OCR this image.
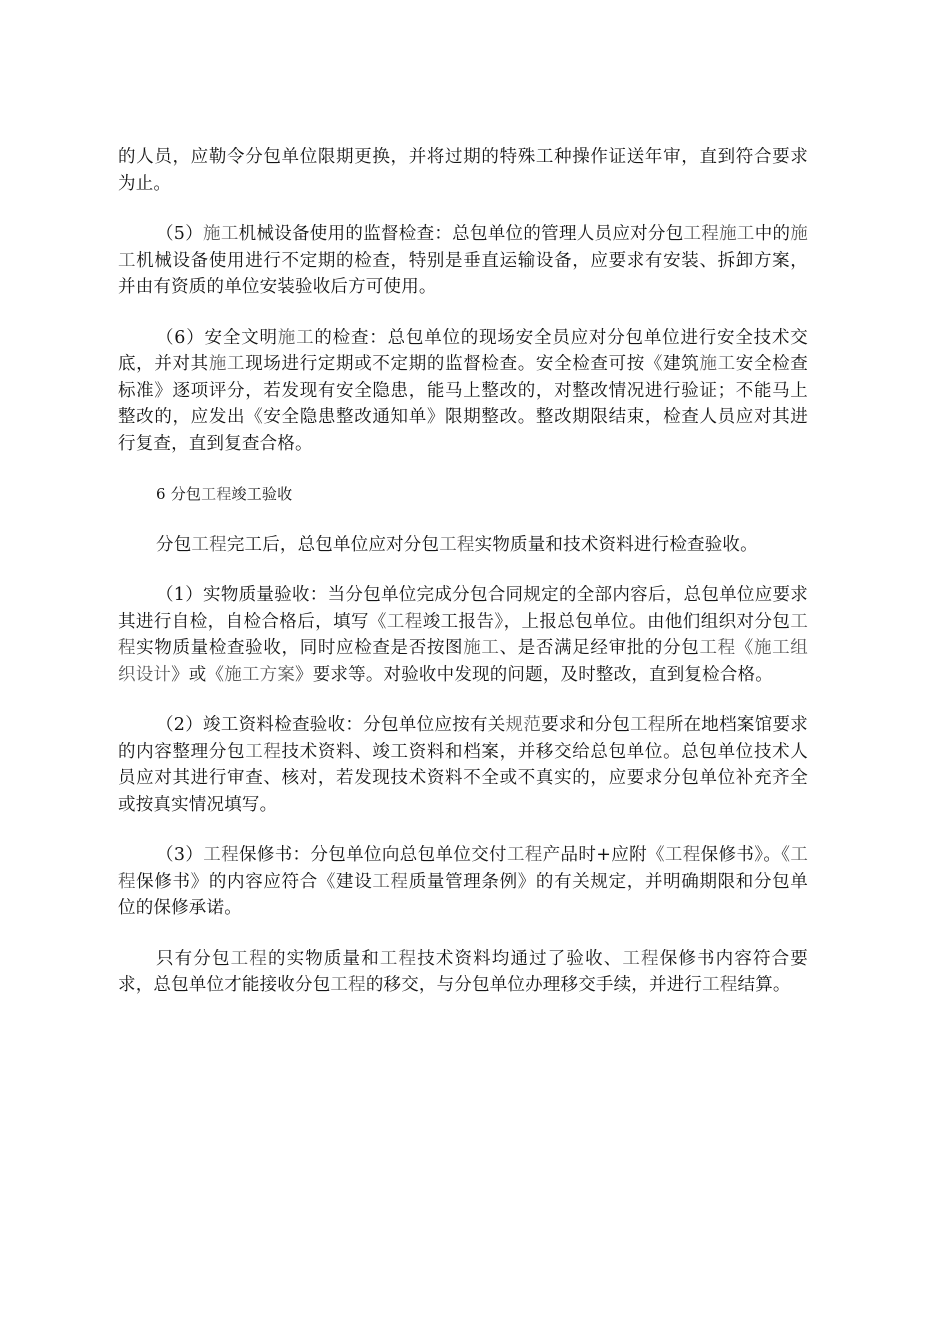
的人员，应勒令分包单位限期更换，并将过期的特殊工种操作证送年审，直到符合要求为止。

（5）施工机械设备使用的监督检查：总包单位的管理人员应对分包工程施工中的施工机械设备使用进行不定期的检查，特别是垂直运输设备，应要求有安装、拆卸方案，并由有资质的单位安装验收后方可使用。

（6）安全文明施工的检查：总包单位的现场安全员应对分包单位进行安全技术交底，并对其施工现场进行定期或不定期的监督检查。安全检查可按《建筑施工安全检查标准》逐项评分，若发现有安全隐患，能马上整改的，对整改情况进行验证；不能马上整改的，应发出《安全隐患整改通知单》限期整改。整改期限结束，检查人员应对其进行复查，直到复查合格。

6 分包工程竣工验收

分包工程完工后，总包单位应对分包工程实物质量和技术资料进行检查验收。

（1）实物质量验收：当分包单位完成分包合同规定的全部内容后，总包单位应要求其进行自检，自检合格后，填写《工程竣工报告》，上报总包单位。由他们组织对分包工程实物质量检查验收，同时应检查是否按图施工、是否满足经审批的分包工程《施工组织设计》或《施工方案》要求等。对验收中发现的问题，及时整改，直到复检合格。

（2）竣工资料检查验收：分包单位应按有关规范要求和分包工程所在地档案馆要求的内容整理分包工程技术资料、竣工资料和档案，并移交给总包单位。总包单位技术人员应对其进行审查、核对，若发现技术资料不全或不真实的，应要求分包单位补充齐全或按真实情况填写。

（3）工程保修书：分包单位向总包单位交付工程产品时+应附《工程保修书》。《工程保修书》的内容应符合《建设工程质量管理条例》的有关规定，并明确期限和分包单位的保修承诺。

只有分包工程的实物质量和工程技术资料均通过了验收、工程保修书内容符合要求，总包单位才能接收分包工程的移交，与分包单位办理移交手续，并进行工程结算。
